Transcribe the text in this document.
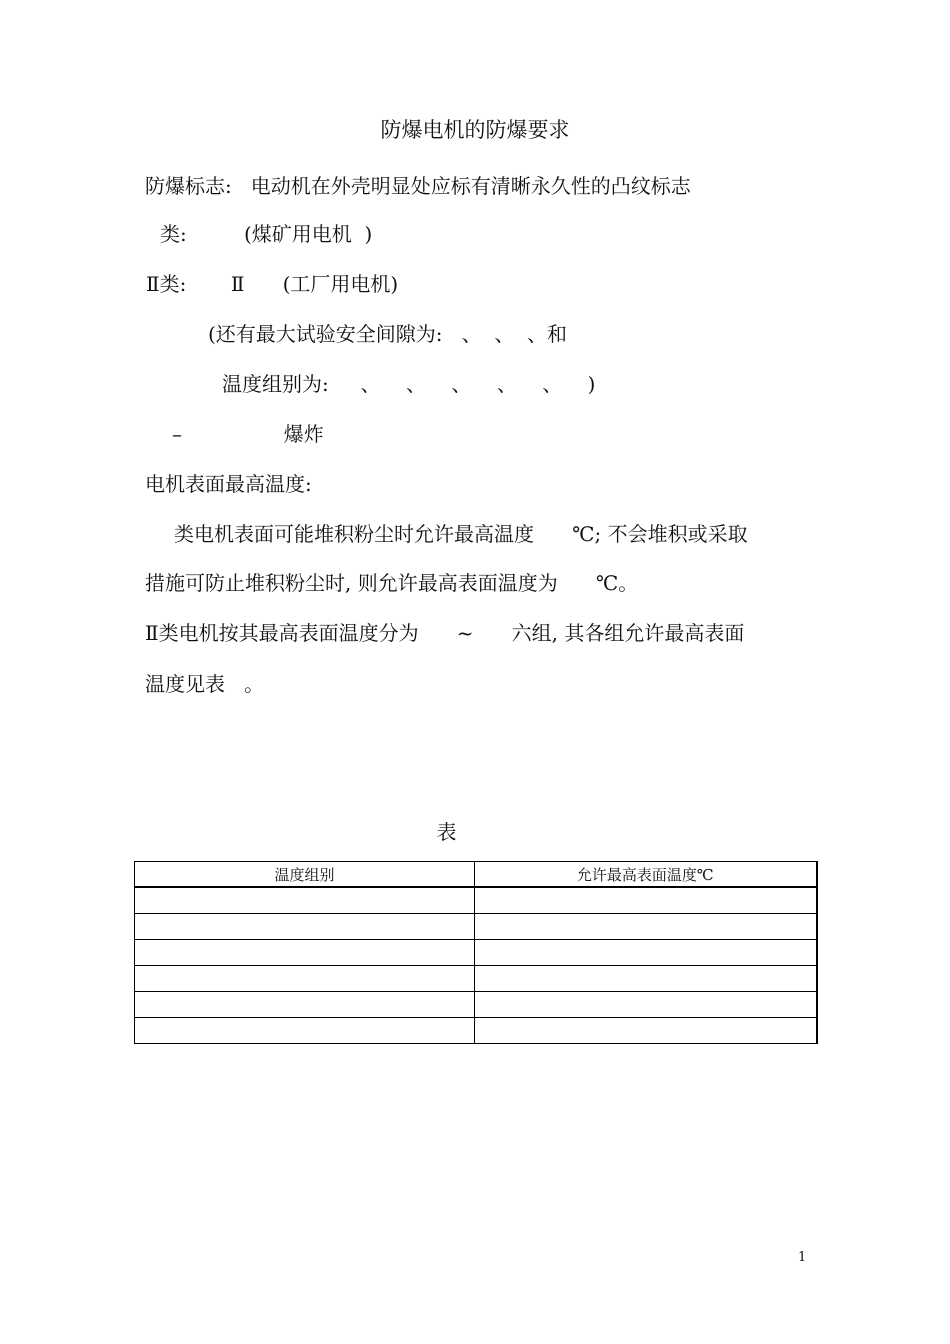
防爆电机的防爆要求
防爆标志:   电动机在外壳明显处应标有清晰永久性的凸纹标志
类:         (煤矿用电机  )
Ⅱ类:       Ⅱ      (工厂用电机)
(还有最大试验安全间隙为:   、  、  、和
温度组别为:     、    、    、    、    、    )
–                爆炸
电机表面最高温度:
类电机表面可能堆积粉尘时允许最高温度      ℃; 不会堆积或采取
措施可防止堆积粉尘时, 则允许最高表面温度为      ℃。
Ⅱ类电机按其最高表面温度分为      ~      六组, 其各组允许最高表面
温度见表   。
表
温度组别	允许最高表面温度℃

1
